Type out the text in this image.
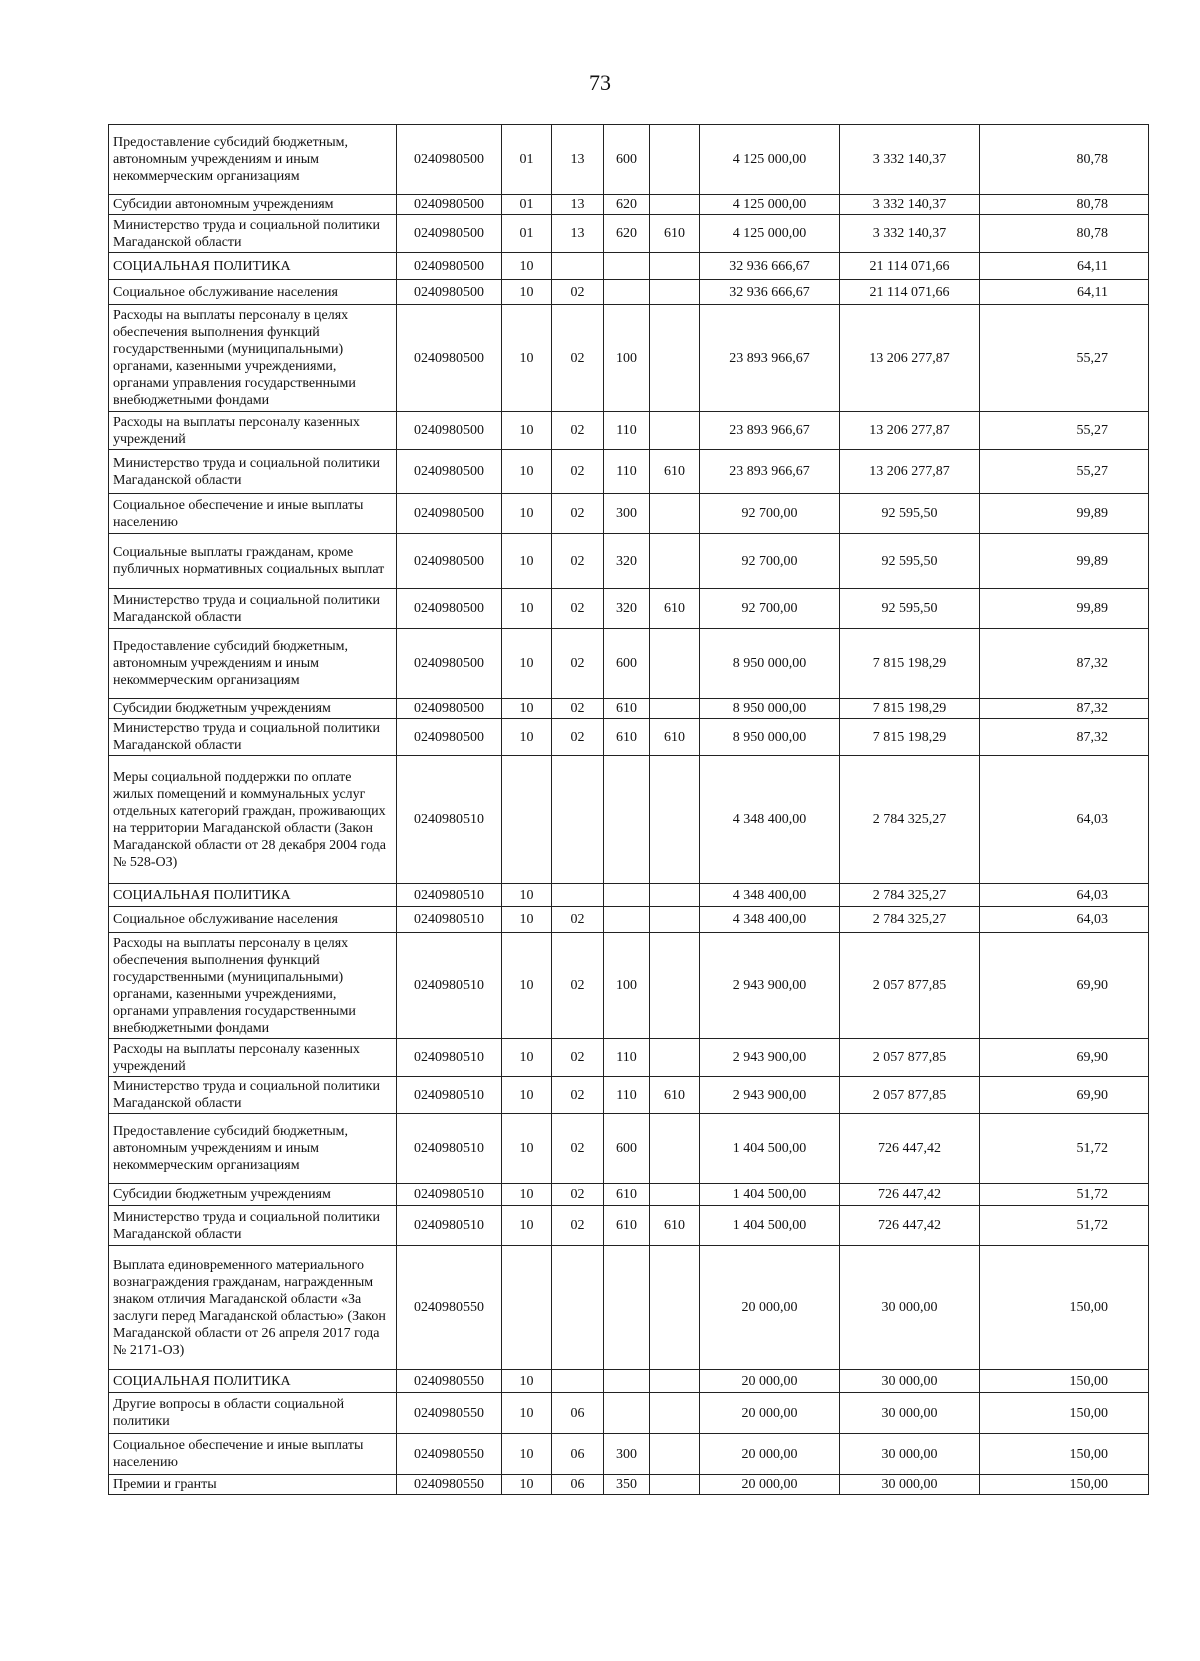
73
Предоставление субсидий бюджетным, автономным учреждениям и иным некоммерческим организациям	0240980500	01	13	600		4 125 000,00	3 332 140,37	80,78
Субсидии автономным учреждениям	0240980500	01	13	620		4 125 000,00	3 332 140,37	80,78
Министерство труда и социальной политики Магаданской области	0240980500	01	13	620	610	4 125 000,00	3 332 140,37	80,78
СОЦИАЛЬНАЯ ПОЛИТИКА	0240980500	10				32 936 666,67	21 114 071,66	64,11
Социальное обслуживание населения	0240980500	10	02			32 936 666,67	21 114 071,66	64,11
Расходы на выплаты персоналу в целях обеспечения выполнения функций государственными (муниципальными) органами, казенными учреждениями, органами управления государственными внебюджетными фондами	0240980500	10	02	100		23 893 966,67	13 206 277,87	55,27
Расходы на выплаты персоналу казенных учреждений	0240980500	10	02	110		23 893 966,67	13 206 277,87	55,27
Министерство труда и социальной политики Магаданской области	0240980500	10	02	110	610	23 893 966,67	13 206 277,87	55,27
Социальное обеспечение и иные выплаты населению	0240980500	10	02	300		92 700,00	92 595,50	99,89
Социальные выплаты гражданам, кроме публичных нормативных социальных выплат	0240980500	10	02	320		92 700,00	92 595,50	99,89
Министерство труда и социальной политики Магаданской области	0240980500	10	02	320	610	92 700,00	92 595,50	99,89
Предоставление субсидий бюджетным, автономным учреждениям и иным некоммерческим организациям	0240980500	10	02	600		8 950 000,00	7 815 198,29	87,32
Субсидии бюджетным учреждениям	0240980500	10	02	610		8 950 000,00	7 815 198,29	87,32
Министерство труда и социальной политики Магаданской области	0240980500	10	02	610	610	8 950 000,00	7 815 198,29	87,32
Меры социальной поддержки по оплате жилых помещений и коммунальных услуг отдельных категорий граждан, проживающих на территории Магаданской области (Закон Магаданской области от 28 декабря 2004 года № 528-ОЗ)	0240980510					4 348 400,00	2 784 325,27	64,03
СОЦИАЛЬНАЯ ПОЛИТИКА	0240980510	10				4 348 400,00	2 784 325,27	64,03
Социальное обслуживание населения	0240980510	10	02			4 348 400,00	2 784 325,27	64,03
Расходы на выплаты персоналу в целях обеспечения выполнения функций государственными (муниципальными) органами, казенными учреждениями, органами управления государственными внебюджетными фондами	0240980510	10	02	100		2 943 900,00	2 057 877,85	69,90
Расходы на выплаты персоналу казенных учреждений	0240980510	10	02	110		2 943 900,00	2 057 877,85	69,90
Министерство труда и социальной политики Магаданской области	0240980510	10	02	110	610	2 943 900,00	2 057 877,85	69,90
Предоставление субсидий бюджетным, автономным учреждениям и иным некоммерческим организациям	0240980510	10	02	600		1 404 500,00	726 447,42	51,72
Субсидии бюджетным учреждениям	0240980510	10	02	610		1 404 500,00	726 447,42	51,72
Министерство труда и социальной политики Магаданской области	0240980510	10	02	610	610	1 404 500,00	726 447,42	51,72
Выплата единовременного материального вознаграждения гражданам, награжденным знаком отличия Магаданской области «За заслуги перед Магаданской областью» (Закон Магаданской области от 26 апреля 2017 года № 2171-ОЗ)	0240980550					20 000,00	30 000,00	150,00
СОЦИАЛЬНАЯ ПОЛИТИКА	0240980550	10				20 000,00	30 000,00	150,00
Другие вопросы в области социальной политики	0240980550	10	06			20 000,00	30 000,00	150,00
Социальное обеспечение и иные выплаты населению	0240980550	10	06	300		20 000,00	30 000,00	150,00
Премии и гранты	0240980550	10	06	350		20 000,00	30 000,00	150,00
